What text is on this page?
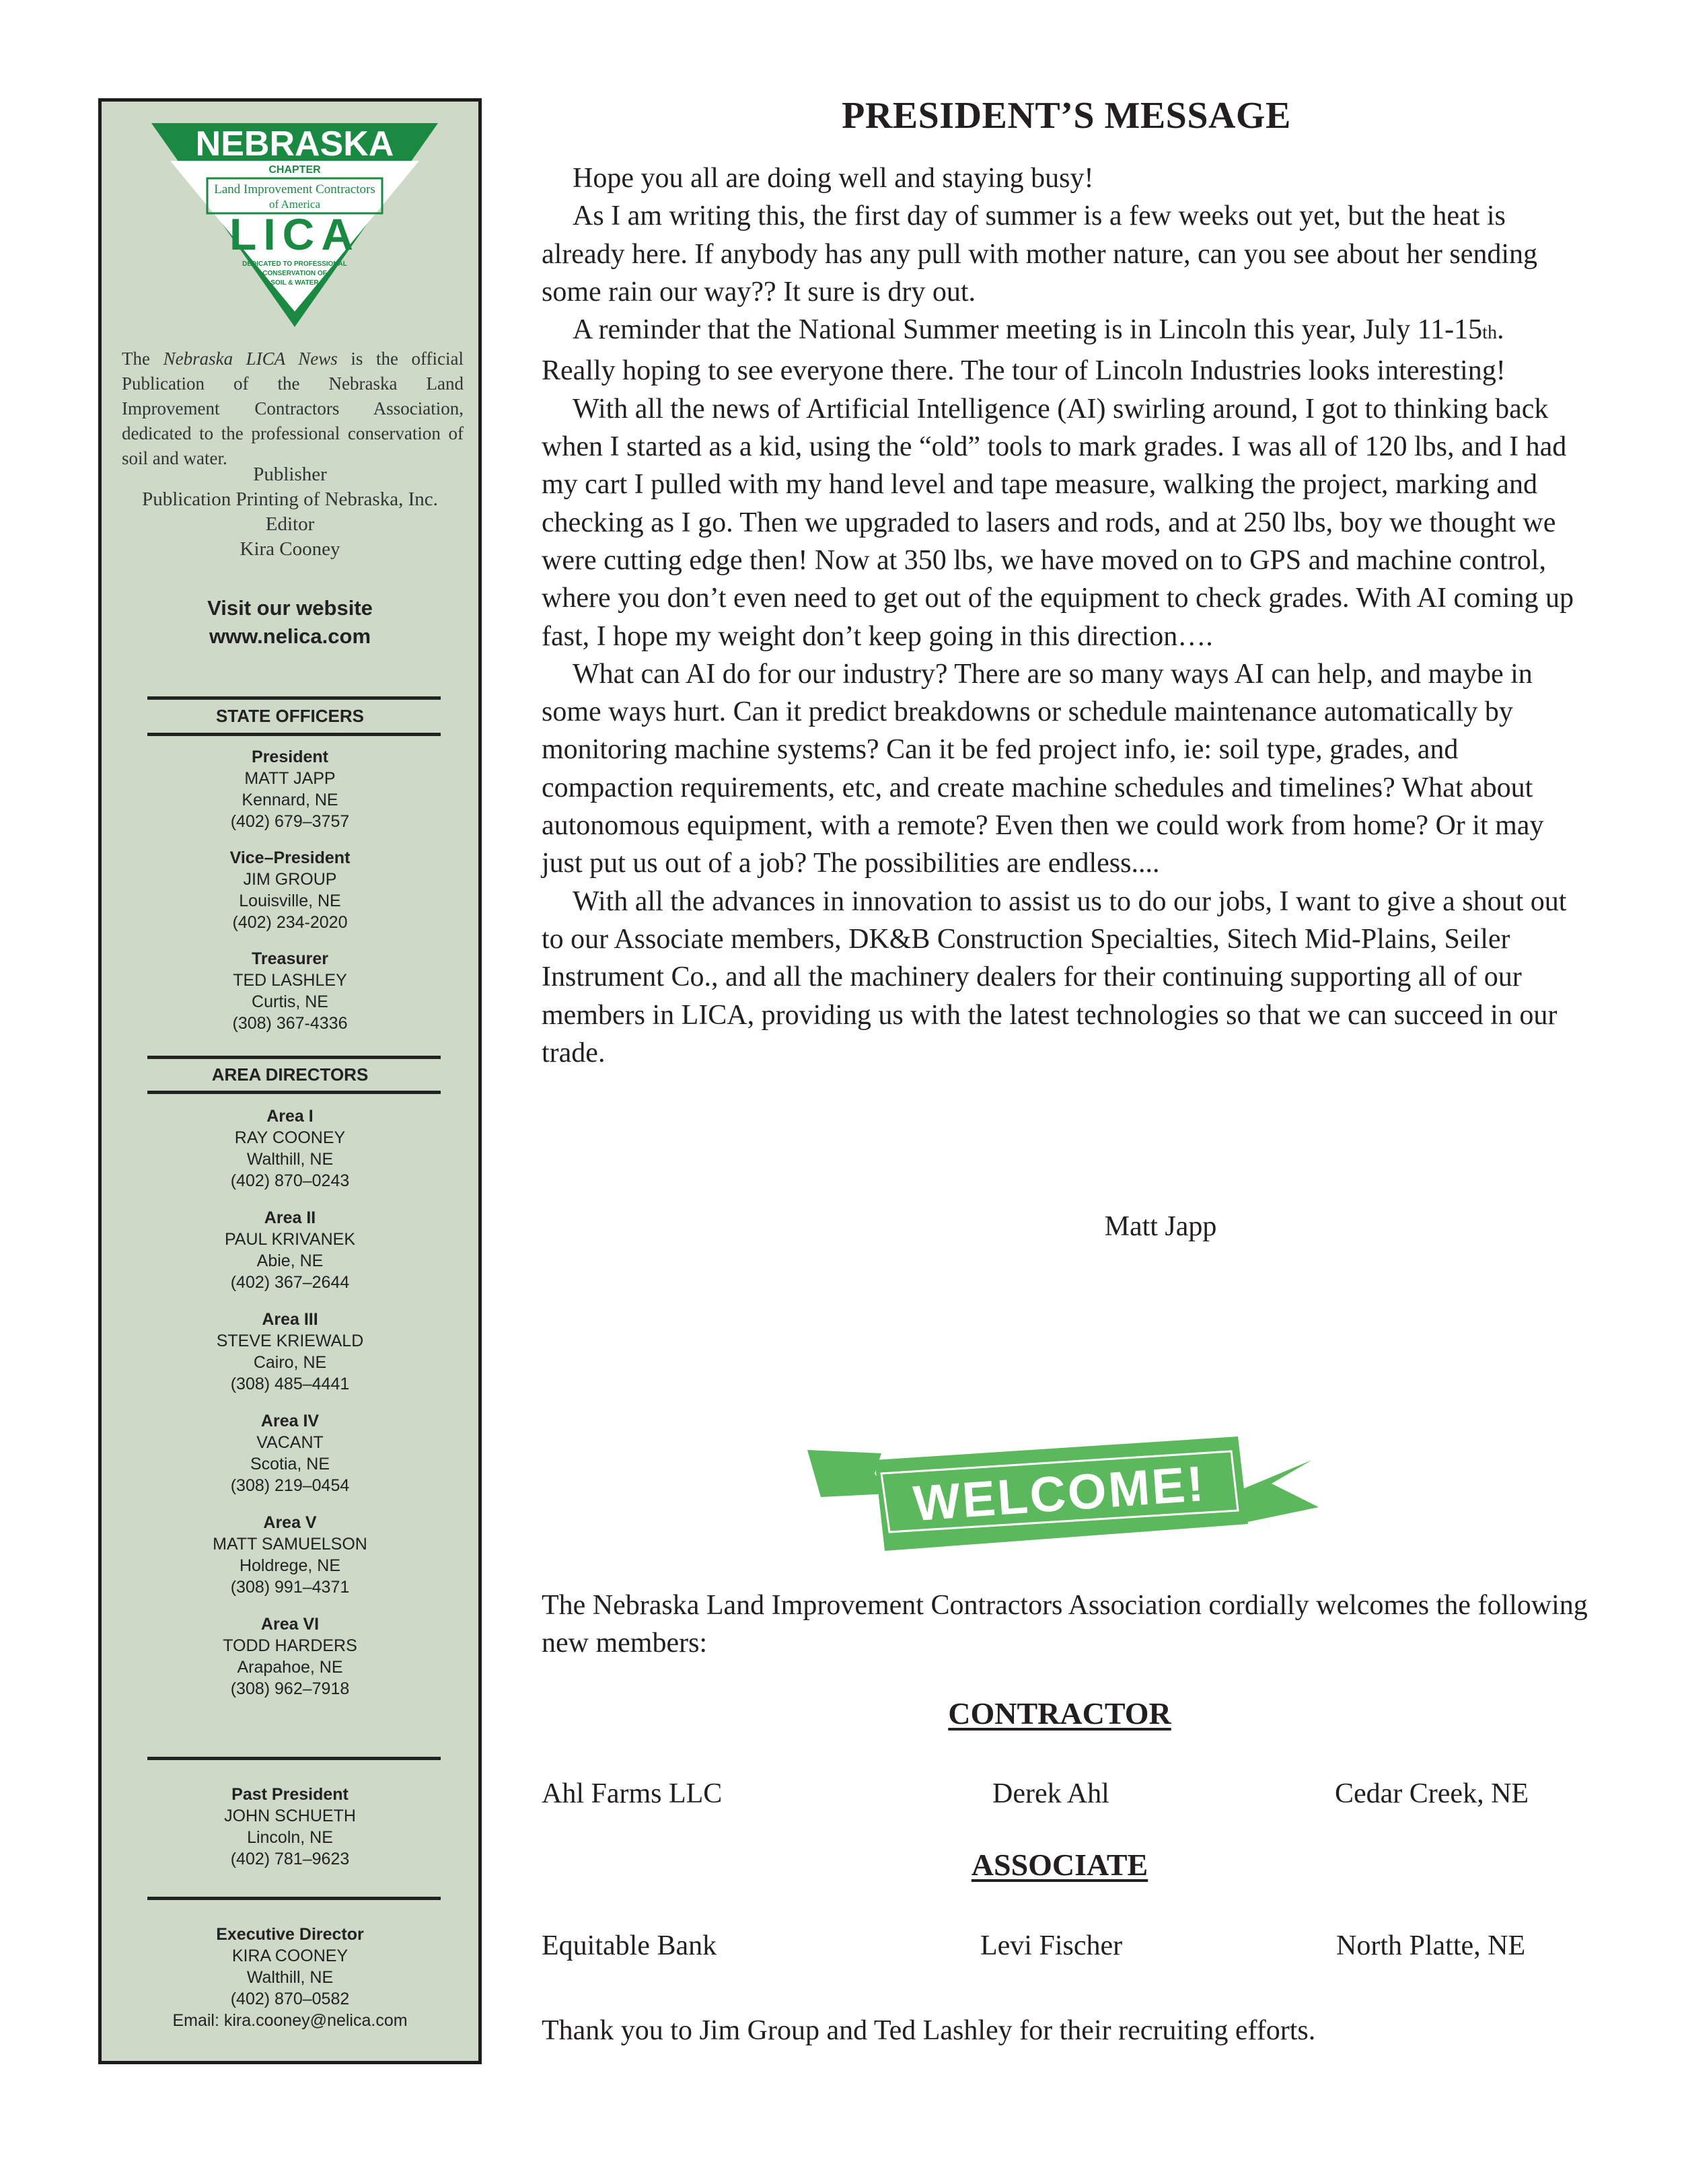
NEBRASKA
CHAPTER
Land Improvement Contractors
of America
LICA
DEDICATED TO PROFESSIONAL
CONSERVATION OF
SOIL & WATER
The Nebraska LICA News is the official Publication of the Nebraska Land Improvement Contractors Association, dedicated to the professional conservation of soil and water.
Publisher
Publication Printing of Nebraska, Inc.
Editor
Kira Cooney
Visit our website
www.nelica.com
STATE OFFICERS
President
MATT JAPP
Kennard, NE
(402) 679–3757
Vice–President
JIM GROUP
Louisville, NE
(402) 234-2020
Treasurer
TED LASHLEY
Curtis, NE
(308) 367-4336
AREA DIRECTORS
Area I
RAY COONEY
Walthill, NE
(402) 870–0243
Area II
PAUL KRIVANEK
Abie, NE
(402) 367–2644
Area III
STEVE KRIEWALD
Cairo, NE
(308) 485–4441
Area IV
VACANT
Scotia, NE
(308) 219–0454
Area V
MATT SAMUELSON
Holdrege, NE
(308) 991–4371
Area VI
TODD HARDERS
Arapahoe, NE
(308) 962–7918
Past President
JOHN SCHUETH
Lincoln, NE
(402) 781–9623
Executive Director
KIRA COONEY
Walthill, NE
(402) 870–0582
Email: kira.cooney@nelica.com
PRESIDENT’S MESSAGE

Hope you all are doing well and staying busy!

As I am writing this, the first day of summer is a few weeks out yet, but the heat is already here. If anybody has any pull with mother nature, can you see about her sending some rain our way?? It sure is dry out.

A reminder that the National Summer meeting is in Lincoln this year, July 11-15th. Really hoping to see everyone there. The tour of Lincoln Industries looks interesting!

With all the news of Artificial Intelligence (AI) swirling around, I got to thinking back when I started as a kid, using the “old” tools to mark grades. I was all of 120 lbs, and I had my cart I pulled with my hand level and tape measure, walking the project, marking and checking as I go. Then we upgraded to lasers and rods, and at 250 lbs, boy we thought we were cutting edge then! Now at 350 lbs, we have moved on to GPS and machine control, where you don’t even need to get out of the equipment to check grades. With AI coming up fast, I hope my weight don’t keep going in this direction….

What can AI do for our industry? There are so many ways AI can help, and maybe in some ways hurt. Can it predict breakdowns or schedule maintenance automatically by monitoring machine systems? Can it be fed project info, ie: soil type, grades, and compaction requirements, etc, and create machine schedules and timelines? What about autonomous equipment, with a remote? Even then we could work from home? Or it may just put us out of a job? The possibilities are endless....

With all the advances in innovation to assist us to do our jobs, I want to give a shout out to our Associate members, DK&B Construction Specialties, Sitech Mid-Plains, Seiler Instrument Co., and all the machinery dealers for their continuing supporting all of our members in LICA, providing us with the latest technologies so that we can succeed in our trade.

Matt Japp
WELCOME!
The Nebraska Land Improvement Contractors Association cordially welcomes the following new members:
CONTRACTOR
Ahl Farms LLC	Derek Ahl	Cedar Creek, NE
ASSOCIATE
Equitable Bank	Levi Fischer	North Platte, NE
Thank you to Jim Group and Ted Lashley for their recruiting efforts.
